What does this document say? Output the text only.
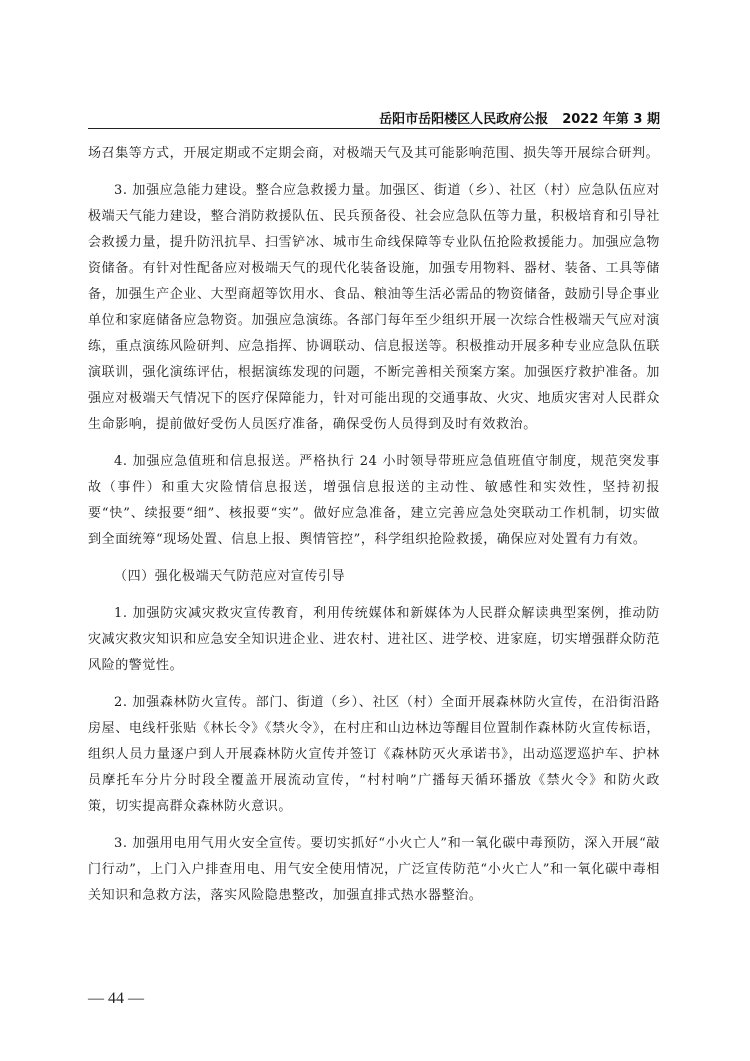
岳阳市岳阳楼区人民政府公报 2022 年第 3 期

场召集等方式，开展定期或不定期会商，对极端天气及其可能影响范围、损失等开展综合研判。

3. 加强应急能力建设。整合应急救援力量。加强区、街道（乡）、社区（村）应急队伍应对极端天气能力建设，整合消防救援队伍、民兵预备役、社会应急队伍等力量，积极培育和引导社会救援力量，提升防汛抗旱、扫雪铲冰、城市生命线保障等专业队伍抢险救援能力。加强应急物资储备。有针对性配备应对极端天气的现代化装备设施，加强专用物料、器材、装备、工具等储备，加强生产企业、大型商超等饮用水、食品、粮油等生活必需品的物资储备，鼓励引导企事业单位和家庭储备应急物资。加强应急演练。各部门每年至少组织开展一次综合性极端天气应对演练，重点演练风险研判、应急指挥、协调联动、信息报送等。积极推动开展多种专业应急队伍联演联训，强化演练评估，根据演练发现的问题，不断完善相关预案方案。加强医疗救护准备。加强应对极端天气情况下的医疗保障能力，针对可能出现的交通事故、火灾、地质灾害对人民群众生命影响，提前做好受伤人员医疗准备，确保受伤人员得到及时有效救治。

4. 加强应急值班和信息报送。严格执行 24 小时领导带班应急值班值守制度，规范突发事故（事件）和重大灾险情信息报送，增强信息报送的主动性、敏感性和实效性，坚持初报要“快”、续报要“细”、核报要“实”。做好应急准备，建立完善应急处突联动工作机制，切实做到全面统筹“现场处置、信息上报、舆情管控”，科学组织抢险救援，确保应对处置有力有效。

（四）强化极端天气防范应对宣传引导

1. 加强防灾减灾救灾宣传教育，利用传统媒体和新媒体为人民群众解读典型案例，推动防灾减灾救灾知识和应急安全知识进企业、进农村、进社区、进学校、进家庭，切实增强群众防范风险的警觉性。

2. 加强森林防火宣传。部门、街道（乡）、社区（村）全面开展森林防火宣传，在沿街沿路房屋、电线杆张贴《林长令》《禁火令》，在村庄和山边林边等醒目位置制作森林防火宣传标语，组织人员力量逐户到人开展森林防火宣传并签订《森林防灭火承诺书》，出动巡逻巡护车、护林员摩托车分片分时段全覆盖开展流动宣传，“村村响”广播每天循环播放《禁火令》和防火政策，切实提高群众森林防火意识。

3. 加强用电用气用火安全宣传。要切实抓好“小火亡人”和一氧化碳中毒预防，深入开展“敲门行动”，上门入户排查用电、用气安全使用情况，广泛宣传防范“小火亡人”和一氧化碳中毒相关知识和急救方法，落实风险隐患整改，加强直排式热水器整治。

— 44 —
